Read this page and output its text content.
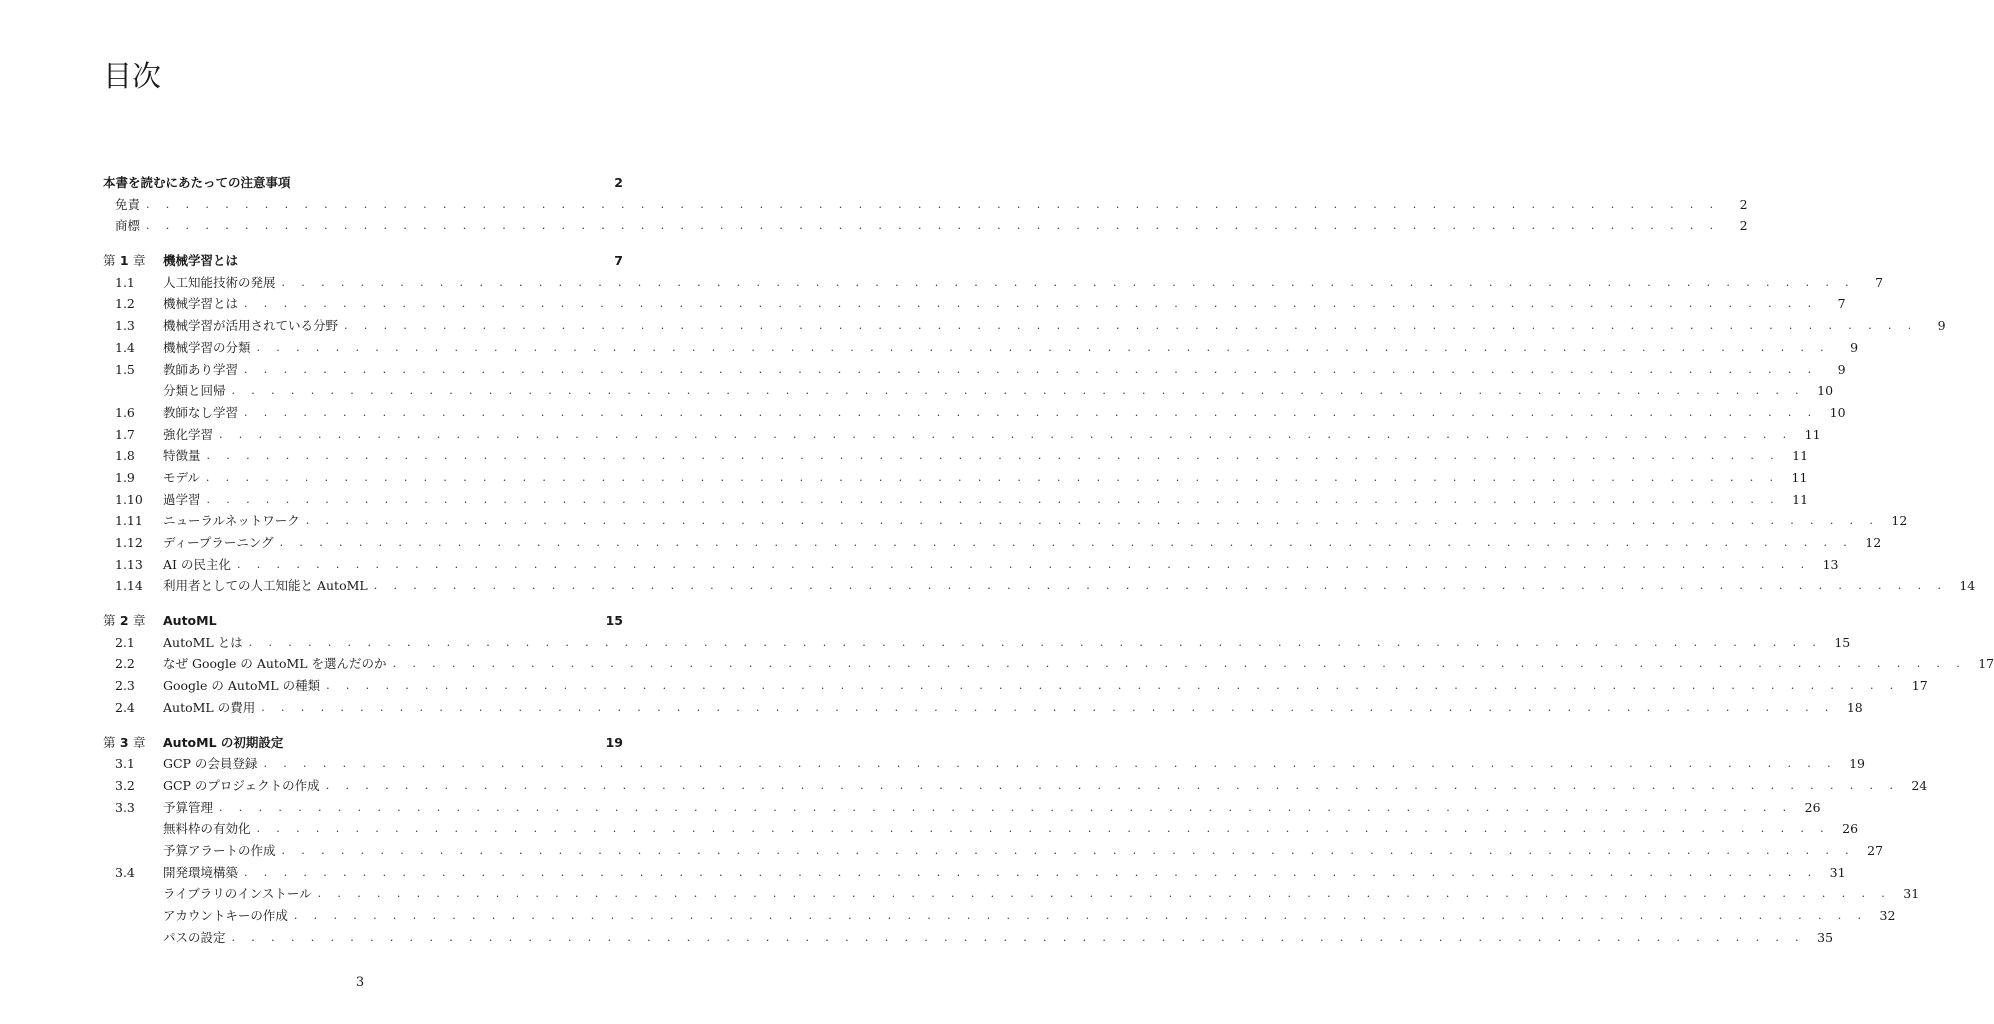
目次
本書を読むにあたっての注意事項	2
免責 . . . . . . . . . . . . . . . . . . . . . . . . . . . . . . . . . . . . . . . . . . . . . . . . . . . . . . . . . . . . . . . . . . . . . . . . . . . . . . . .	2
商標 . . . . . . . . . . . . . . . . . . . . . . . . . . . . . . . . . . . . . . . . . . . . . . . . . . . . . . . . . . . . . . . . . . . . . . . . . . . . . . . .	2
第 1 章	機械学習とは	7
1.1	人工知能技術の発展 . . . . . . . . . . . . . . . . . . . . . . . . . . . . . . . . . . . . . . . . . . . . . . . . . . . . . . . . . . . . . . . . . . . . . . . . . . . . . . . .	7
1.2	機械学習とは . . . . . . . . . . . . . . . . . . . . . . . . . . . . . . . . . . . . . . . . . . . . . . . . . . . . . . . . . . . . . . . . . . . . . . . . . . . . . . . .	7
1.3	機械学習が活用されている分野 . . . . . . . . . . . . . . . . . . . . . . . . . . . . . . . . . . . . . . . . . . . . . . . . . . . . . . . . . . . . . . . . . . . . . . . . . . . . . . . .	9
1.4	機械学習の分類 . . . . . . . . . . . . . . . . . . . . . . . . . . . . . . . . . . . . . . . . . . . . . . . . . . . . . . . . . . . . . . . . . . . . . . . . . . . . . . . .	9
1.5	教師あり学習 . . . . . . . . . . . . . . . . . . . . . . . . . . . . . . . . . . . . . . . . . . . . . . . . . . . . . . . . . . . . . . . . . . . . . . . . . . . . . . . .	9
分類と回帰 . . . . . . . . . . . . . . . . . . . . . . . . . . . . . . . . . . . . . . . . . . . . . . . . . . . . . . . . . . . . . . . . . . . . . . . . . . . . . . . . 10
1.6	教師なし学習 . . . . . . . . . . . . . . . . . . . . . . . . . . . . . . . . . . . . . . . . . . . . . . . . . . . . . . . . . . . . . . . . . . . . . . . . . . . . . . . . 10
1.7	強化学習 . . . . . . . . . . . . . . . . . . . . . . . . . . . . . . . . . . . . . . . . . . . . . . . . . . . . . . . . . . . . . . . . . . . . . . . . . . . . . . . . 11
1.8	特徴量 . . . . . . . . . . . . . . . . . . . . . . . . . . . . . . . . . . . . . . . . . . . . . . . . . . . . . . . . . . . . . . . . . . . . . . . . . . . . . . . . 11
1.9	モデル . . . . . . . . . . . . . . . . . . . . . . . . . . . . . . . . . . . . . . . . . . . . . . . . . . . . . . . . . . . . . . . . . . . . . . . . . . . . . . . . 11
1.10	過学習 . . . . . . . . . . . . . . . . . . . . . . . . . . . . . . . . . . . . . . . . . . . . . . . . . . . . . . . . . . . . . . . . . . . . . . . . . . . . . . . . 11
1.11	ニューラルネットワーク . . . . . . . . . . . . . . . . . . . . . . . . . . . . . . . . . . . . . . . . . . . . . . . . . . . . . . . . . . . . . . . . . . . . . . . . . . . . . . . . 12
1.12	ディープラーニング . . . . . . . . . . . . . . . . . . . . . . . . . . . . . . . . . . . . . . . . . . . . . . . . . . . . . . . . . . . . . . . . . . . . . . . . . . . . . . . . 12
1.13	AI の民主化 . . . . . . . . . . . . . . . . . . . . . . . . . . . . . . . . . . . . . . . . . . . . . . . . . . . . . . . . . . . . . . . . . . . . . . . . . . . . . . . . 13
1.14	利用者としての人工知能と AutoML . . . . . . . . . . . . . . . . . . . . . . . . . . . . . . . . . . . . . . . . . . . . . . . . . . . . . . . . . . . . . . . . . . . . . . . . . . . . . . . . 14
第 2 章	AutoML	15
2.1	AutoML とは . . . . . . . . . . . . . . . . . . . . . . . . . . . . . . . . . . . . . . . . . . . . . . . . . . . . . . . . . . . . . . . . . . . . . . . . . . . . . . . . 15
2.2	なぜ Google の AutoML を選んだのか . . . . . . . . . . . . . . . . . . . . . . . . . . . . . . . . . . . . . . . . . . . . . . . . . . . . . . . . . . . . . . . . . . . . . . . . . . . . . . . . 17
2.3	Google の AutoML の種類 . . . . . . . . . . . . . . . . . . . . . . . . . . . . . . . . . . . . . . . . . . . . . . . . . . . . . . . . . . . . . . . . . . . . . . . . . . . . . . . . 17
2.4	AutoML の費用 . . . . . . . . . . . . . . . . . . . . . . . . . . . . . . . . . . . . . . . . . . . . . . . . . . . . . . . . . . . . . . . . . . . . . . . . . . . . . . . . 18
第 3 章	AutoML の初期設定	19
3.1	GCP の会員登録 . . . . . . . . . . . . . . . . . . . . . . . . . . . . . . . . . . . . . . . . . . . . . . . . . . . . . . . . . . . . . . . . . . . . . . . . . . . . . . . . 19
3.2	GCP のプロジェクトの作成 . . . . . . . . . . . . . . . . . . . . . . . . . . . . . . . . . . . . . . . . . . . . . . . . . . . . . . . . . . . . . . . . . . . . . . . . . . . . . . . . 24
3.3	予算管理 . . . . . . . . . . . . . . . . . . . . . . . . . . . . . . . . . . . . . . . . . . . . . . . . . . . . . . . . . . . . . . . . . . . . . . . . . . . . . . . . 26
無料枠の有効化 . . . . . . . . . . . . . . . . . . . . . . . . . . . . . . . . . . . . . . . . . . . . . . . . . . . . . . . . . . . . . . . . . . . . . . . . . . . . . . . . 26
予算アラートの作成 . . . . . . . . . . . . . . . . . . . . . . . . . . . . . . . . . . . . . . . . . . . . . . . . . . . . . . . . . . . . . . . . . . . . . . . . . . . . . . . . 27
3.4	開発環境構築 . . . . . . . . . . . . . . . . . . . . . . . . . . . . . . . . . . . . . . . . . . . . . . . . . . . . . . . . . . . . . . . . . . . . . . . . . . . . . . . . 31
ライブラリのインストール . . . . . . . . . . . . . . . . . . . . . . . . . . . . . . . . . . . . . . . . . . . . . . . . . . . . . . . . . . . . . . . . . . . . . . . . . . . . . . . . 31
アカウントキーの作成 . . . . . . . . . . . . . . . . . . . . . . . . . . . . . . . . . . . . . . . . . . . . . . . . . . . . . . . . . . . . . . . . . . . . . . . . . . . . . . . . 32
パスの設定 . . . . . . . . . . . . . . . . . . . . . . . . . . . . . . . . . . . . . . . . . . . . . . . . . . . . . . . . . . . . . . . . . . . . . . . . . . . . . . . . 35
3
